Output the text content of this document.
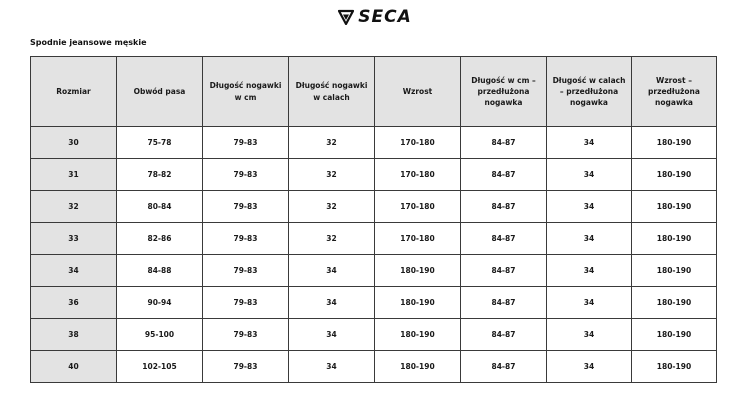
SECA
Spodnie jeansowe męskie
Rozmiar	Obwód pasa	Długość nogawki w cm	Długość nogawki w calach	Wzrost	Długość w cm – przedłużona nogawka	Długość w calach – przedłużona nogawka	Wzrost – przedłużona nogawka
30	75-78	79-83	32	170-180	84-87	34	180-190
31	78-82	79-83	32	170-180	84-87	34	180-190
32	80-84	79-83	32	170-180	84-87	34	180-190
33	82-86	79-83	32	170-180	84-87	34	180-190
34	84-88	79-83	34	180-190	84-87	34	180-190
36	90-94	79-83	34	180-190	84-87	34	180-190
38	95-100	79-83	34	180-190	84-87	34	180-190
40	102-105	79-83	34	180-190	84-87	34	180-190
